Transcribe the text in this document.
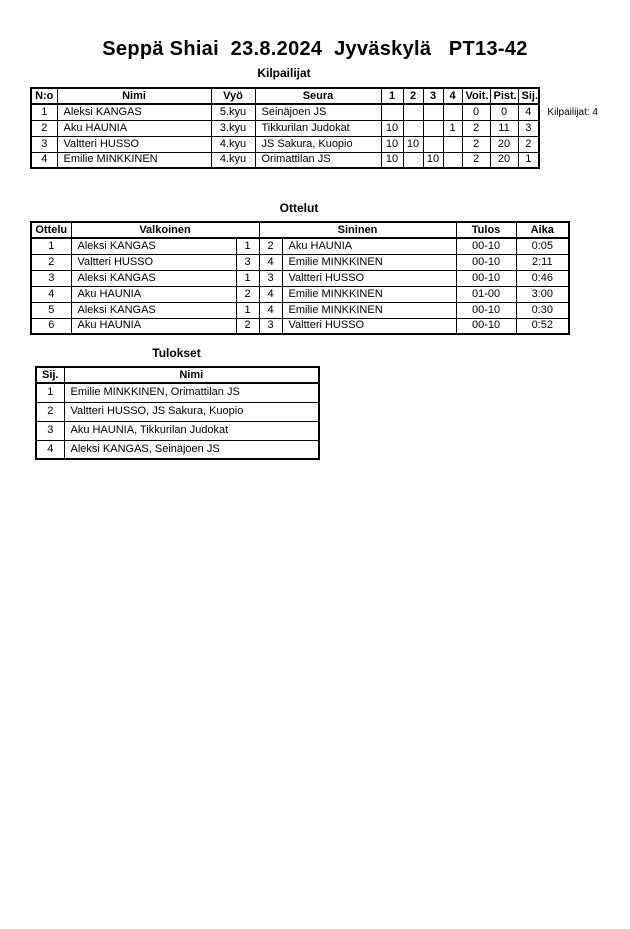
Seppä Shiai  23.8.2024  Jyväskylä   PT13-42
Kilpailijat: 4
Kilpailijat
N:o	Nimi	Vyö	Seura	1	2	3	4	Voit.	Pist.	Sij.
1	Aleksi KANGAS	5.kyu	Seinäjoen JS					0	0	4
2	Aku HAUNIA	3.kyu	Tikkurilan Judokat	10			1	2	11	3
3	Valtteri HUSSO	4.kyu	JS Sakura, Kuopio	10	10			2	20	2
4	Emilie MINKKINEN	4.kyu	Orimattilan JS	10		10		2	20	1
Ottelut
Ottelu	Valkoinen		Sininen		Tulos	Aika
1	Aleksi KANGAS	1	2	Aku HAUNIA	00-10	0:05
2	Valtteri HUSSO	3	4	Emilie MINKKINEN	00-10	2:11
3	Aleksi KANGAS	1	3	Valtteri HUSSO	00-10	0:46
4	Aku HAUNIA	2	4	Emilie MINKKINEN	01-00	3:00
5	Aleksi KANGAS	1	4	Emilie MINKKINEN	00-10	0:30
6	Aku HAUNIA	2	3	Valtteri HUSSO	00-10	0:52
Tulokset
Sij.	Nimi
1	Emilie MINKKINEN, Orimattilan JS
2	Valtteri HUSSO, JS Sakura, Kuopio
3	Aku HAUNIA, Tikkurilan Judokat
4	Aleksi KANGAS, Seinäjoen JS
